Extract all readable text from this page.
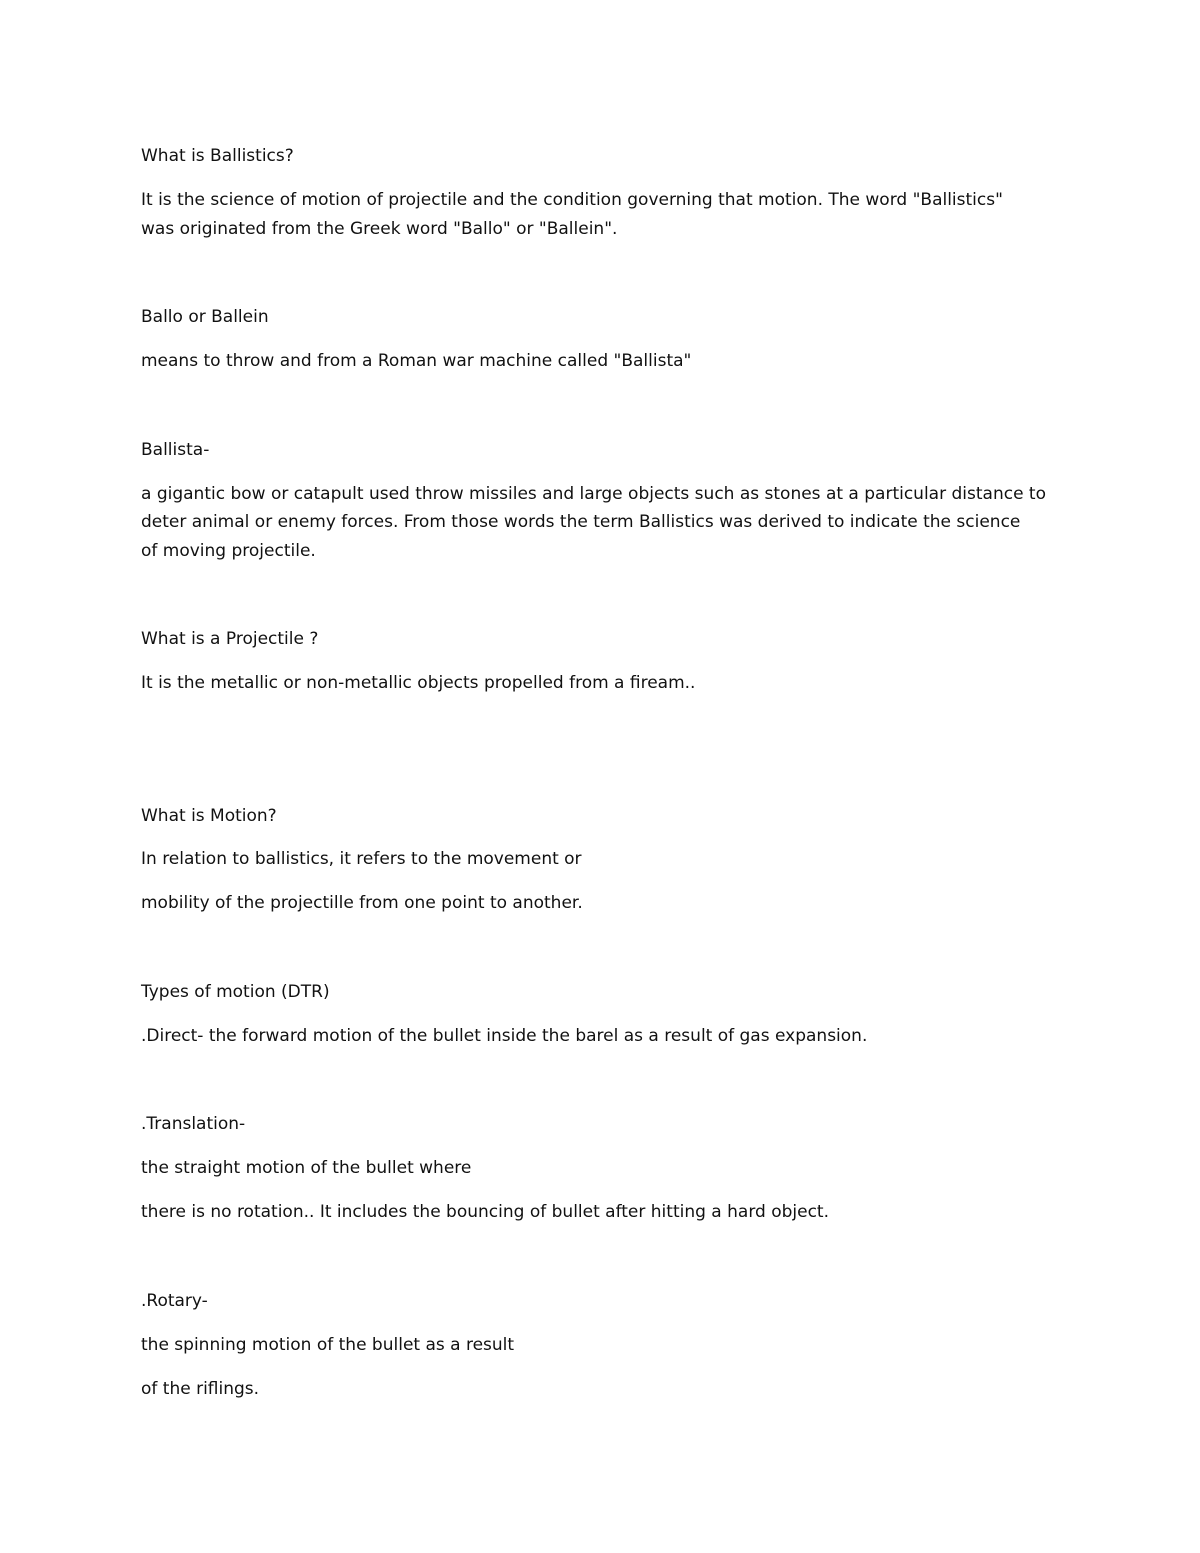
What is Ballistics?
It is the science of motion of projectile and the condition governing that motion. The word "Ballistics"
was originated from the Greek word "Ballo" or "Ballein".
Ballo or Ballein
means to throw and from a Roman war machine called "Ballista"
Ballista-
a gigantic bow or catapult used throw missiles and large objects such as stones at a particular distance to
deter animal or enemy forces. From those words the term Ballistics was derived to indicate the science
of moving projectile.
What is a Projectile ?
It is the metallic or non-metallic objects propelled from a fiream..
What is Motion?
In relation to ballistics, it refers to the movement or
mobility of the projectille from one point to another.
Types of motion (DTR)
.Direct- the forward motion of the bullet inside the barel as a result of gas expansion.
.Translation-
the straight motion of the bullet where
there is no rotation.. It includes the bouncing of bullet after hitting a hard object.
.Rotary-
the spinning motion of the bullet as a result
of the riflings.
